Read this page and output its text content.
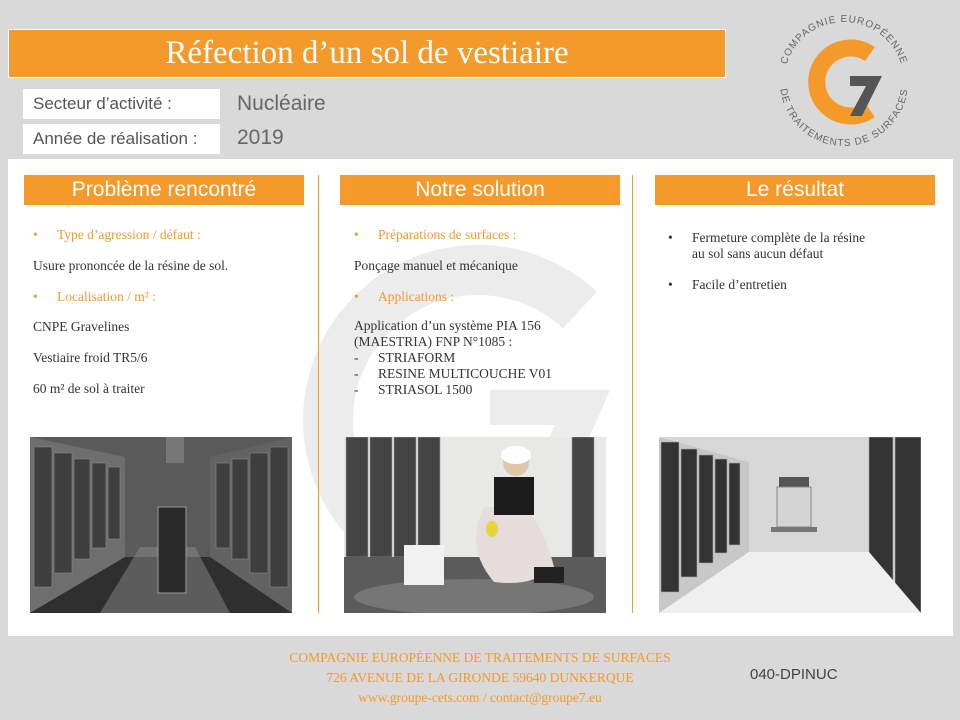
Réfection d’un sol de vestiaire
Secteur d’activité :	Nucléaire
Année de réalisation :	2019
COMPAGNIE EUROPÉENNE
DE TRAITEMENTS DE SURFACES
G7
Problème rencontré	Notre solution	Le résultat
•	Type d’agression / défaut :
Usure prononcée de la résine de sol.
•	Localisation / m² :
CNPE Gravelines
Vestiaire froid TR5/6
60 m² de sol à traiter
•	Préparations de surfaces :
Ponçage manuel et mécanique
•	Applications :
Application d’un système PIA 156
(MAESTRIA) FNP N°1085 :
- STRIAFORM
- RESINE MULTICOUCHE V01
- STRIASOL 1500
•	Fermeture complète de la résine
au sol sans aucun défaut
•	Facile d’entretien
COMPAGNIE EUROPÉENNE DE TRAITEMENTS DE SURFACES
726 AVENUE DE LA GIRONDE 59640 DUNKERQUE
www.groupe-cets.com / contact@groupe7.eu
040-DPINUC
